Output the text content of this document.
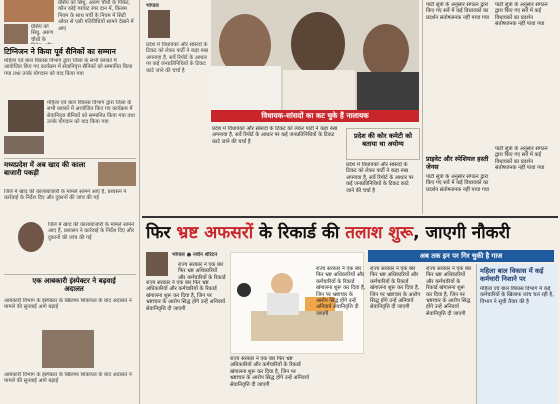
ग्रेसिय को सिधु, अरुण चौधी के पिकेट, कौन कोई गरांघट रंगर दान में, किलम नियम के साथ पर्ची के नियम में सिटी ओवर से एसी गतिविधियों सामने देखने में आए
ग्रेसिय को सिधु, अरुण चौधी के
टिग्निजन ने किया पूर्व सैनिकों का सम्मान
महिला एवं बाल विकास विभाग द्वारा जिला के सभी ब्लाकों में आयोजित किए गए कार्यक्रम में सेवानिवृत्त सैनिकों को सम्मानित किया गया तथा उनके योगदान को याद किया गया
महिला एवं बाल विकास विभाग द्वारा जिला के सभी ब्लाकों में आयोजित किए गए कार्यक्रम में सेवानिवृत्त सैनिकों को सम्मानित किया गया तथा उनके योगदान को याद किया गया
मध्यप्रदेश में अब खाद की काला बाजारी पकड़ी
जिले में खाद की कालाबाजारी के मामले सामने आए हैं, प्रशासन ने कार्रवाई के निर्देश दिए और दुकानों की जांच की गई
जिले में खाद की कालाबाजारी के मामले सामने आए हैं, प्रशासन ने कार्रवाई के निर्देश दिए और दुकानों की जांच की गई
एक आबकारी इंस्पेक्टर ने बढ़वाई अदालत
आबकारी विभाग के इंस्पेक्टर के खिलाफ शिकायत के बाद अदालत ने मामले की सुनवाई आगे बढ़ाई
आबकारी विभाग के इंस्पेक्टर के खिलाफ शिकायत के बाद अदालत ने मामले की सुनवाई आगे बढ़ाई
भोपाल
प्रदेश में विधायकों और सांसदों के टिकट को लेकर पार्टी ने कड़ा रुख अपनाया है, सर्वे रिपोर्ट के आधार पर कई जनप्रतिनिधियों के टिकट काटे जाने की चर्चा है
विधायक-सांसदों का कट चुके हैं नालायक
प्रदेश में विधायकों और सांसदों के टिकट को लेकर पार्टी ने कड़ा रुख अपनाया है, सर्वे रिपोर्ट के आधार पर कई जनप्रतिनिधियों के टिकट काटे जाने की चर्चा है
प्रदेश की कोर कमेटी को बताया था अयोग्य
प्रदेश में विधायकों और सांसदों के टिकट को लेकर पार्टी ने कड़ा रुख अपनाया है, सर्वे रिपोर्ट के आधार पर कई जनप्रतिनिधियों के टिकट काटे जाने की चर्चा है
पार्टी सूत्रों के अनुसार संगठन द्वारा किए गए सर्वे में कई विधायकों का प्रदर्शन संतोषजनक नहीं पाया गया
पार्टी सूत्रों के अनुसार संगठन द्वारा किए गए सर्वे में कई विधायकों का प्रदर्शन संतोषजनक नहीं पाया गया
प्राइवेट और स्पेशियल हस्ती जेनस
पार्टी सूत्रों के अनुसार संगठन द्वारा किए गए सर्वे में कई विधायकों का प्रदर्शन संतोषजनक नहीं पाया गया
पार्टी सूत्रों के अनुसार संगठन द्वारा किए गए सर्वे में कई विधायकों का प्रदर्शन संतोषजनक नहीं पाया गया
फिर भ्रष्ट अफसरों के रिकार्ड की तलाश शुरू, जाएगी नौकरी
भोपाल ● नवीन शेरिटन
राज्य सरकार ने एक बार फिर भ्रष्ट अधिकारियों और कर्मचारियों के रिकार्ड खंगालना शुरू कर दिया है, जिन पर भ्रष्टाचार के आरोप सिद्ध होंगे उन्हें अनिवार्य सेवानिवृत्ति दी जाएगी
राज्य सरकार ने एक बार फिर भ्रष्ट अधिकारियों और कर्मचारियों के रिकार्ड
अब तक इन पर गिर चुकी है गाज
राज्य सरकार ने एक बार फिर भ्रष्ट अधिकारियों और कर्मचारियों के रिकार्ड खंगालना शुरू कर दिया है, जिन पर भ्रष्टाचार के आरोप सिद्ध होंगे उन्हें अनिवार्य सेवानिवृत्ति दी जाएगी
राज्य सरकार ने एक बार फिर भ्रष्ट अधिकारियों और कर्मचारियों के रिकार्ड खंगालना शुरू कर दिया है, जिन पर भ्रष्टाचार के आरोप सिद्ध होंगे उन्हें अनिवार्य सेवानिवृत्ति दी जाएगी
राज्य सरकार ने एक बार फिर भ्रष्ट अधिकारियों और कर्मचारियों के रिकार्ड खंगालना शुरू कर दिया है, जिन पर भ्रष्टाचार के आरोप सिद्ध होंगे उन्हें अनिवार्य सेवानिवृत्ति दी जाएगी
राज्य सरकार ने एक बार फिर भ्रष्ट अधिकारियों और कर्मचारियों के रिकार्ड खंगालना शुरू कर दिया है, जिन पर भ्रष्टाचार के आरोप सिद्ध होंगे उन्हें अनिवार्य सेवानिवृत्ति दी जाएगी
महिला बाल विकास में कई कर्मचारी निशाने पर
महिला एवं बाल विकास विभाग में कई कर्मचारियों के खिलाफ जांच चल रही है, विभाग ने सूची तैयार की है
